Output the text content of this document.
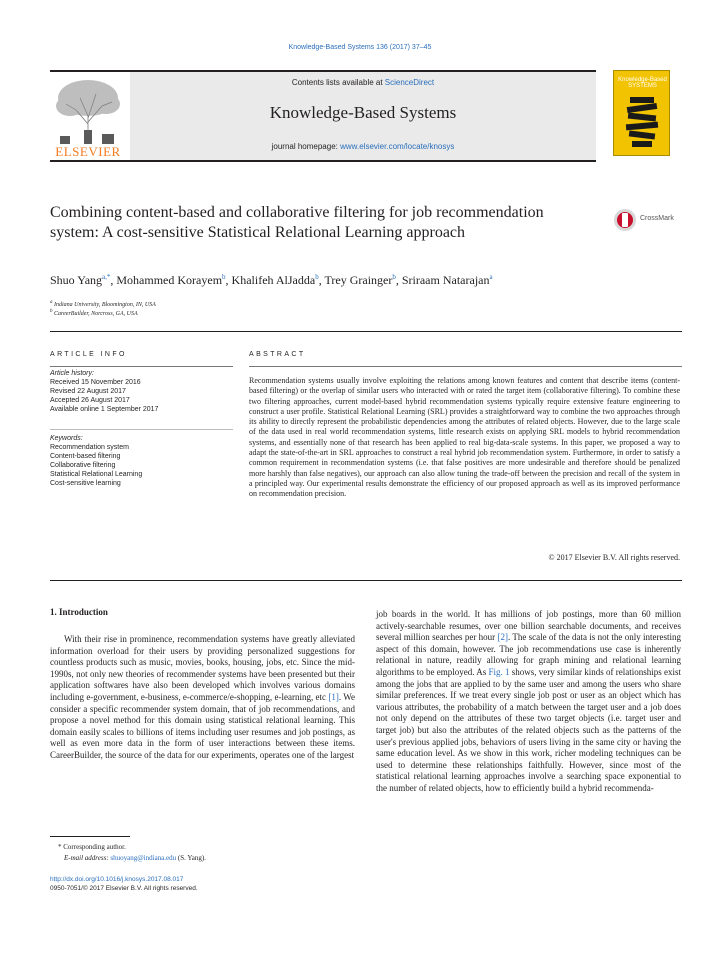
Knowledge-Based Systems 136 (2017) 37–45
ELSEVIER
Contents lists available at ScienceDirect
Knowledge-Based Systems
journal homepage: www.elsevier.com/locate/knosys
Knowledge-Based SYSTEMS
Combining content-based and collaborative filtering for job recommendation system: A cost-sensitive Statistical Relational Learning approach
CrossMark
Shuo Yang$^{a,*}$, Mohammed Korayem$^b$, Khalifeh AlJadda$^b$, Trey Grainger$^b$, Sriraam Natarajan$^a$
$^a$ Indiana University, Bloomington, IN, USA
$^b$ CareerBuilder, Norcross, GA, USA
ARTICLE INFO
Article history:
Received 15 November 2016
Revised 22 August 2017
Accepted 26 August 2017
Available online 1 September 2017
Keywords:
Recommendation system
Content-based filtering
Collaborative filtering
Statistical Relational Learning
Cost-sensitive learning
ABSTRACT
Recommendation systems usually involve exploiting the relations among known features and content that describe items (content-based filtering) or the overlap of similar users who interacted with or rated the target item (collaborative filtering). To combine these two filtering approaches, current model-based hybrid recommendation systems typically require extensive feature engineering to construct a user profile. Statistical Relational Learning (SRL) provides a straightforward way to combine the two approaches through its ability to directly represent the probabilistic dependencies among the attributes of related objects. However, due to the large scale of the data used in real world recommendation systems, little research exists on applying SRL models to hybrid recommendation systems, and essentially none of that research has been applied to real big-data-scale systems. In this paper, we proposed a way to adapt the state-of-the-art in SRL approaches to construct a real hybrid job recommendation system. Furthermore, in order to satisfy a common requirement in recommendation systems (i.e. that false positives are more undesirable and therefore should be penalized more harshly than false negatives), our approach can also allow tuning the trade-off between the precision and recall of the system in a principled way. Our experimental results demonstrate the efficiency of our proposed approach as well as its improved performance on recommendation precision.
© 2017 Elsevier B.V. All rights reserved.
1. Introduction

With their rise in prominence, recommendation systems have greatly alleviated information overload for their users by providing personalized suggestions for countless products such as music, movies, books, housing, jobs, etc. Since the mid-1990s, not only new theories of recommender systems have been presented but their application softwares have also been developed which involves various domains including e-government, e-business, e-commerce/e-shopping, e-learning, etc [1]. We consider a specific recommender system domain, that of job recommendations, and propose a novel method for this domain using statistical relational learning. This domain easily scales to billions of items including user resumes and job postings, as well as even more data in the form of user interactions between these items. CareerBuilder, the source of the data for our experiments, operates one of the largest

job boards in the world. It has millions of job postings, more than 60 million actively-searchable resumes, over one billion searchable documents, and receives several million searches per hour [2]. The scale of the data is not the only interesting aspect of this domain, however. The job recommendations use case is inherently relational in nature, readily allowing for graph mining and relational learning algorithms to be employed. As Fig. 1 shows, very similar kinds of relationships exist among the jobs that are applied to by the same user and among the users who share similar preferences. If we treat every single job post or user as an object which has various attributes, the probability of a match between the target user and a job does not only depend on the attributes of these two target objects (i.e. target user and target job) but also the attributes of the related objects such as the patterns of the user's previous applied jobs, behaviors of users living in the same city or having the same education level. As we show in this work, richer modeling techniques can be used to determine these relationships faithfully. However, since most of the statistical relational learning approaches involve a searching space exponential to the number of related objects, how to efficiently build a hybrid recommenda-

* Corresponding author.
E-mail address: shuoyang@indiana.edu (S. Yang).
http://dx.doi.org/10.1016/j.knosys.2017.08.017
0950-7051/© 2017 Elsevier B.V. All rights reserved.
